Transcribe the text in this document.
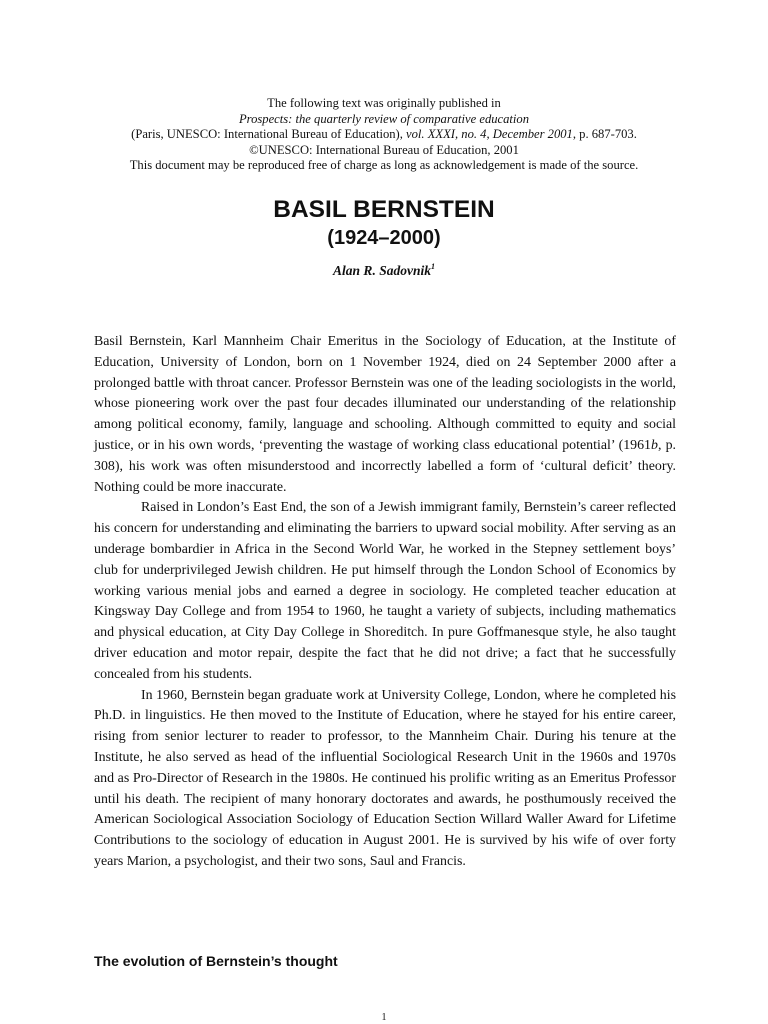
The following text was originally published in
Prospects: the quarterly review of comparative education
(Paris, UNESCO: International Bureau of Education), vol. XXXI, no. 4, December 2001, p. 687-703.
©UNESCO: International Bureau of Education, 2001
This document may be reproduced free of charge as long as acknowledgement is made of the source.
BASIL BERNSTEIN
(1924–2000)
Alan R. Sadovnik$^1$

Basil Bernstein, Karl Mannheim Chair Emeritus in the Sociology of Education, at the Institute of Education, University of London, born on 1 November 1924, died on 24 September 2000 after a prolonged battle with throat cancer. Professor Bernstein was one of the leading sociologists in the world, whose pioneering work over the past four decades illuminated our understanding of the relationship among political economy, family, language and schooling. Although committed to equity and social justice, or in his own words, ‘preventing the wastage of working class educational potential’ (1961b, p. 308), his work was often misunderstood and incorrectly labelled a form of ‘cultural deficit’ theory. Nothing could be more inaccurate.

Raised in London’s East End, the son of a Jewish immigrant family, Bernstein’s career reflected his concern for understanding and eliminating the barriers to upward social mobility. After serving as an underage bombardier in Africa in the Second World War, he worked in the Stepney settlement boys’ club for underprivileged Jewish children. He put himself through the London School of Economics by working various menial jobs and earned a degree in sociology. He completed teacher education at Kingsway Day College and from 1954 to 1960, he taught a variety of subjects, including mathematics and physical education, at City Day College in Shoreditch. In pure Goffmanesque style, he also taught driver education and motor repair, despite the fact that he did not drive; a fact that he successfully concealed from his students.

In 1960, Bernstein began graduate work at University College, London, where he completed his Ph.D. in linguistics. He then moved to the Institute of Education, where he stayed for his entire career, rising from senior lecturer to reader to professor, to the Mannheim Chair. During his tenure at the Institute, he also served as head of the influential Sociological Research Unit in the 1960s and 1970s and as Pro-Director of Research in the 1980s. He continued his prolific writing as an Emeritus Professor until his death. The recipient of many honorary doctorates and awards, he posthumously received the American Sociological Association Sociology of Education Section Willard Waller Award for Lifetime Contributions to the sociology of education in August 2001. He is survived by his wife of over forty years Marion, a psychologist, and their two sons, Saul and Francis.

The evolution of Bernstein’s thought
1
